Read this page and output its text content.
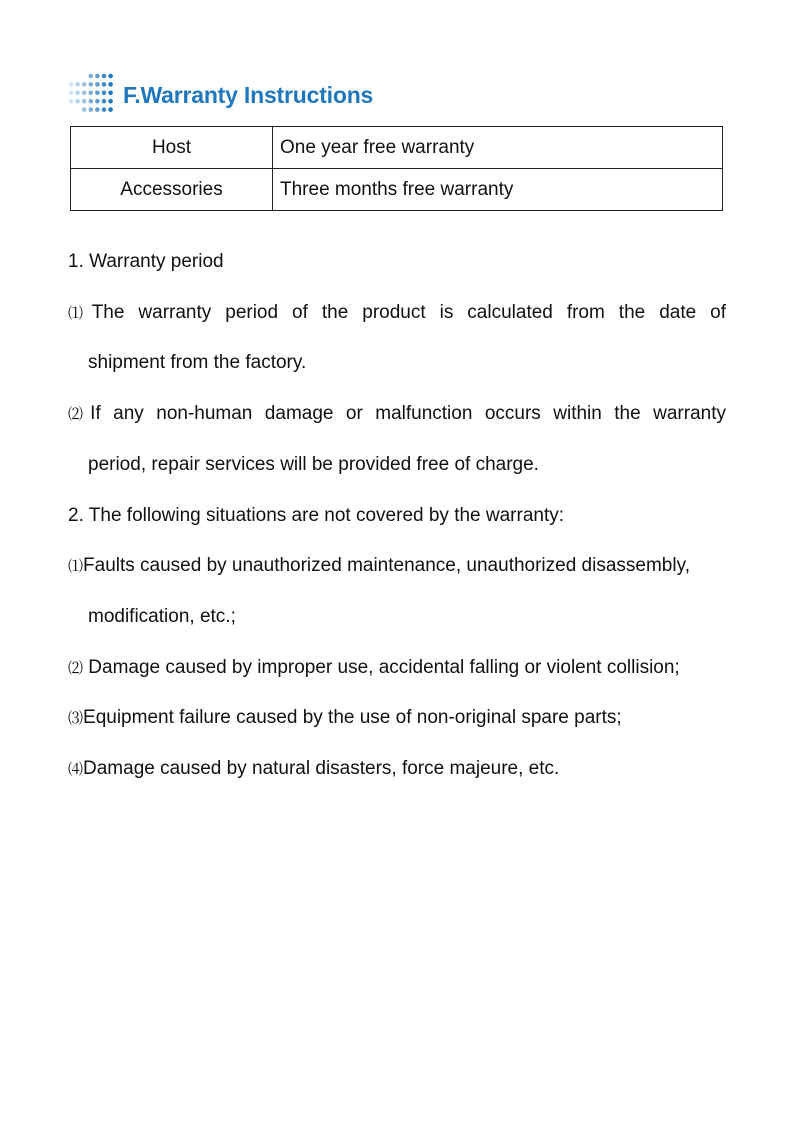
F.Warranty Instructions
Host	One year free warranty
Accessories	Three months free warranty
1. Warranty period
⑴The warranty period of the product is calculated from the date of
shipment from the factory.
⑵If any non-human damage or malfunction occurs within the warranty
period, repair services will be provided free of charge.
2. The following situations are not covered by the warranty:
⑴Faults caused by unauthorized maintenance, unauthorized disassembly,
modification, etc.;
⑵ Damage caused by improper use, accidental falling or violent collision;
⑶Equipment failure caused by the use of non-original spare parts;
⑷Damage caused by natural disasters, force majeure, etc.
